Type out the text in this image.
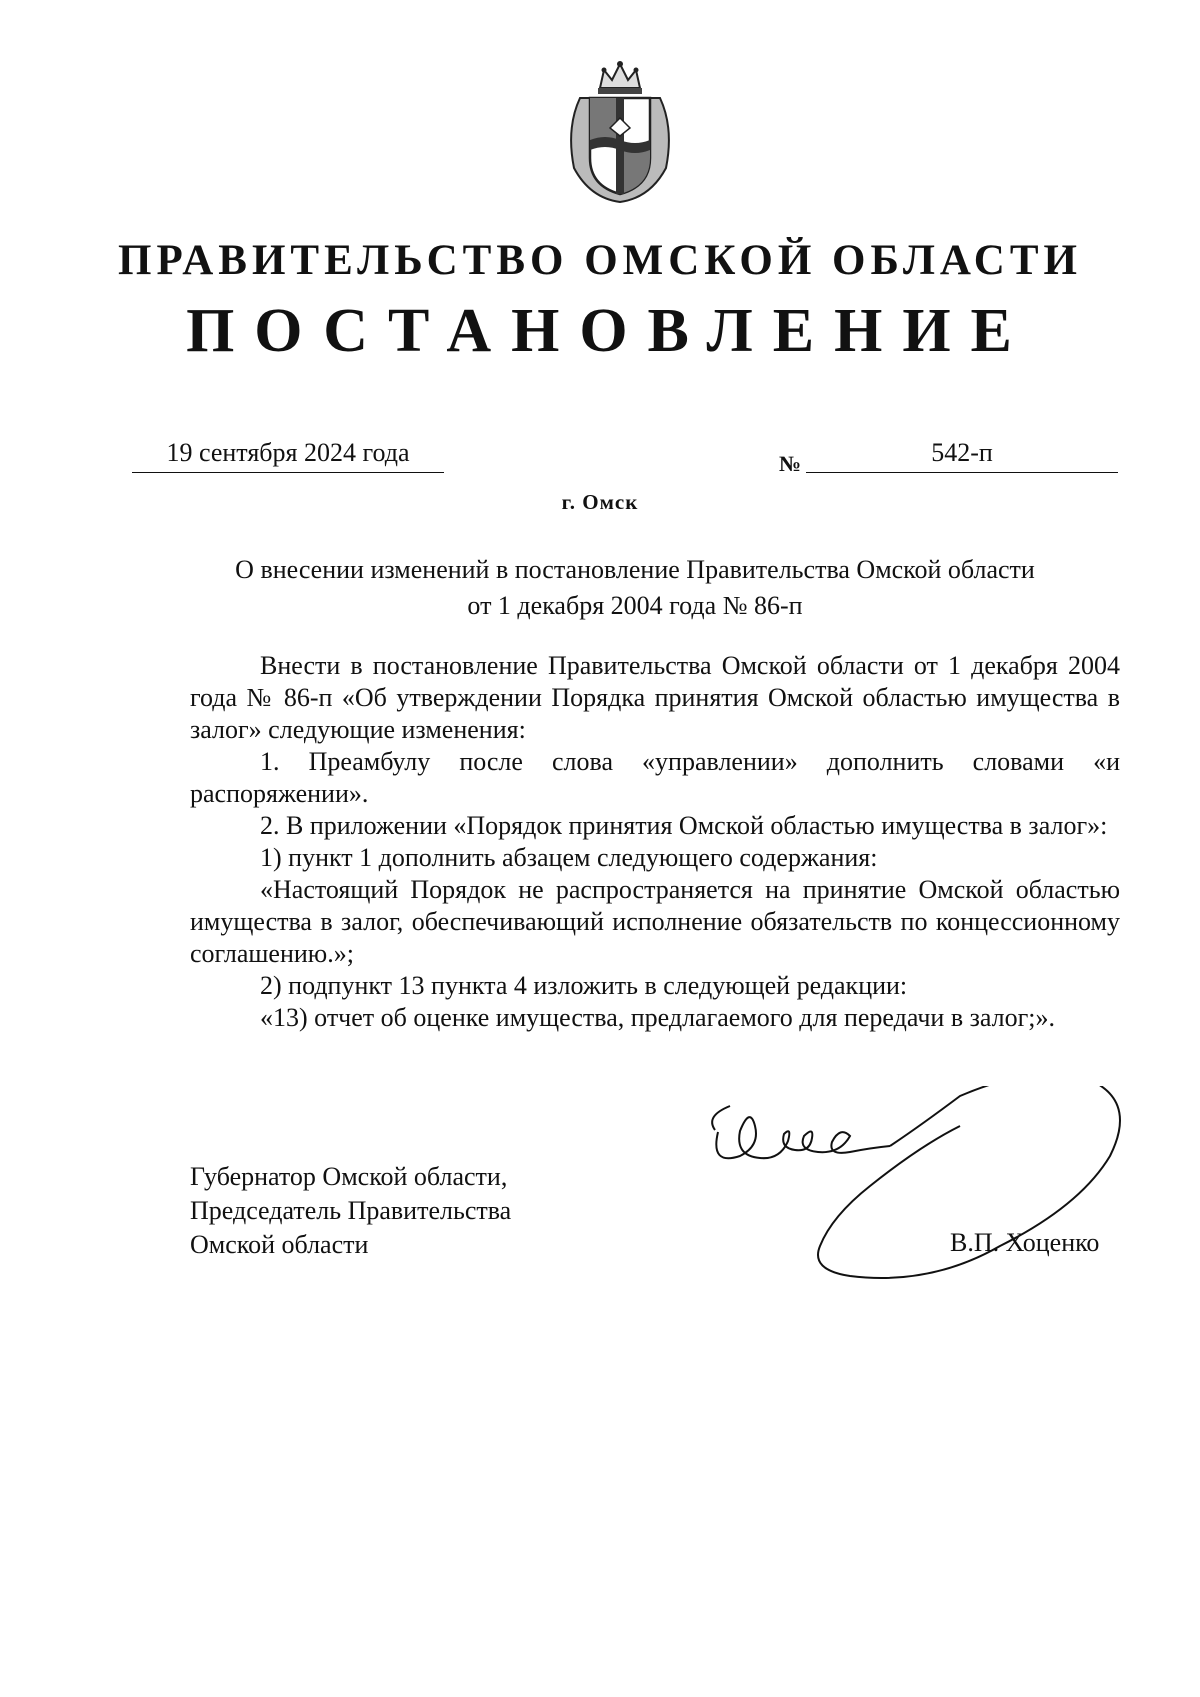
ПРАВИТЕЛЬСТВО ОМСКОЙ ОБЛАСТИ
ПОСТАНОВЛЕНИЕ
19 сентября 2024 года	№	542-п
г. Омск
О внесении изменений в постановление Правительства Омской области
от 1 декабря 2004 года № 86-п

Внести в постановление Правительства Омской области от 1 декабря 2004 года № 86-п «Об утверждении Порядка принятия Омской областью имущества в залог» следующие изменения:

1. Преамбулу после слова «управлении» дополнить словами «и распоряжении».

2. В приложении «Порядок принятия Омской областью имущества в залог»:

1) пункт 1 дополнить абзацем следующего содержания:

«Настоящий Порядок не распространяется на принятие Омской областью имущества в залог, обеспечивающий исполнение обязательств по концессионному соглашению.»;

2) подпункт 13 пункта 4 изложить в следующей редакции:

«13) отчет об оценке имущества, предлагаемого для передачи в залог;».

Губернатор Омской области,
Председатель Правительства
Омской области	В.П. Хоценко
